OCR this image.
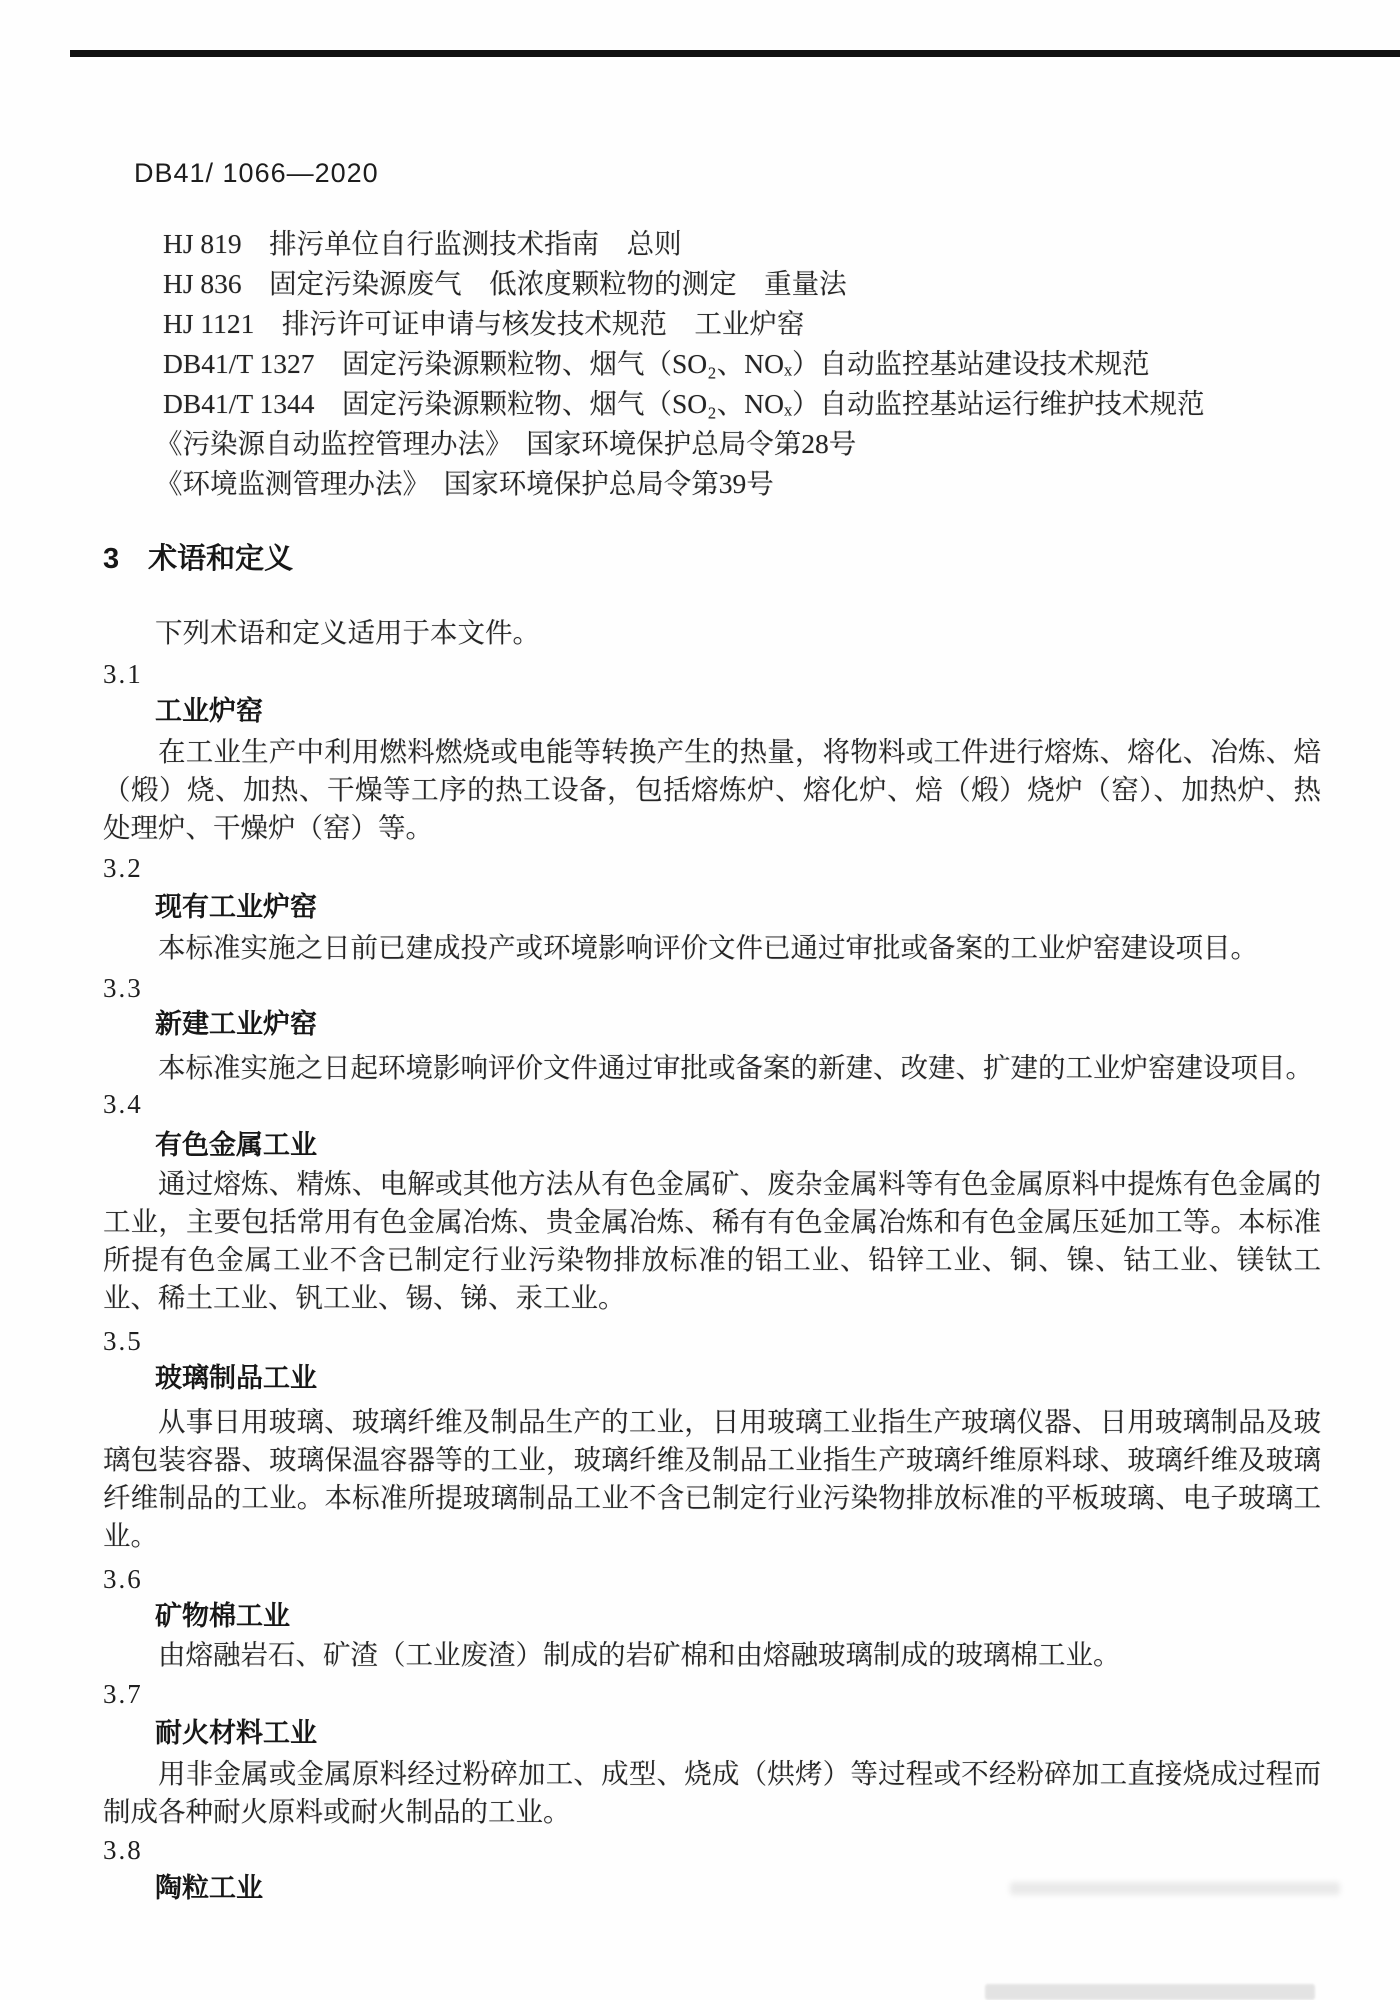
DB41/ 1066—2020
HJ 819　排污单位自行监测技术指南　总则
HJ 836　固定污染源废气　低浓度颗粒物的测定　重量法
HJ 1121　排污许可证申请与核发技术规范　工业炉窑
DB41/T 1327　固定污染源颗粒物、烟气（SO₂、NOₓ）自动监控基站建设技术规范
DB41/T 1344　固定污染源颗粒物、烟气（SO₂、NOₓ）自动监控基站运行维护技术规范
《污染源自动监控管理办法》　国家环境保护总局令第28号
《环境监测管理办法》　国家环境保护总局令第39号
3　术语和定义
下列术语和定义适用于本文件。
3.1
工业炉窑

在工业生产中利用燃料燃烧或电能等转换产生的热量，将物料或工件进行熔炼、熔化、冶炼、焙（煅）烧、加热、干燥等工序的热工设备，包括熔炼炉、熔化炉、焙（煅）烧炉（窑）、加热炉、热处理炉、干燥炉（窑）等。

3.2
现有工业炉窑

本标准实施之日前已建成投产或环境影响评价文件已通过审批或备案的工业炉窑建设项目。

3.3
新建工业炉窑

本标准实施之日起环境影响评价文件通过审批或备案的新建、改建、扩建的工业炉窑建设项目。

3.4
有色金属工业

通过熔炼、精炼、电解或其他方法从有色金属矿、废杂金属料等有色金属原料中提炼有色金属的工业，主要包括常用有色金属冶炼、贵金属冶炼、稀有有色金属冶炼和有色金属压延加工等。本标准所提有色金属工业不含已制定行业污染物排放标准的铝工业、铅锌工业、铜、镍、钴工业、镁钛工业、稀土工业、钒工业、锡、锑、汞工业。

3.5
玻璃制品工业

从事日用玻璃、玻璃纤维及制品生产的工业，日用玻璃工业指生产玻璃仪器、日用玻璃制品及玻璃包装容器、玻璃保温容器等的工业，玻璃纤维及制品工业指生产玻璃纤维原料球、玻璃纤维及玻璃纤维制品的工业。本标准所提玻璃制品工业不含已制定行业污染物排放标准的平板玻璃、电子玻璃工业。

3.6
矿物棉工业

由熔融岩石、矿渣（工业废渣）制成的岩矿棉和由熔融玻璃制成的玻璃棉工业。

3.7
耐火材料工业

用非金属或金属原料经过粉碎加工、成型、烧成（烘烤）等过程或不经粉碎加工直接烧成过程而制成各种耐火原料或耐火制品的工业。

3.8
陶粒工业
